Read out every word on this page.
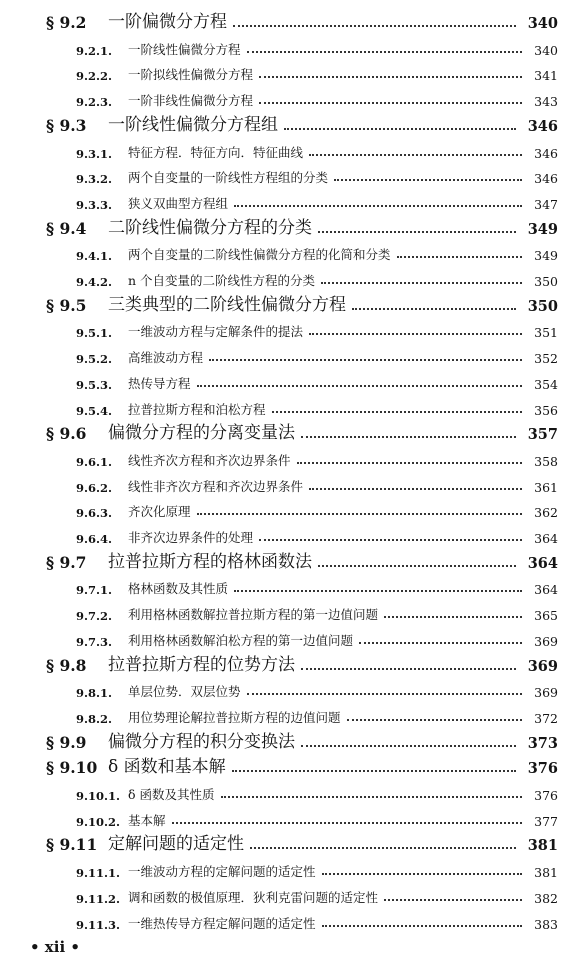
§ 9.2	一阶偏微分方程	340
9.2.1.	一阶线性偏微分方程	340
9.2.2.	一阶拟线性偏微分方程	341
9.2.3.	一阶非线性偏微分方程	343
§ 9.3	一阶线性偏微分方程组	346
9.3.1.	特征方程．特征方向．特征曲线	346
9.3.2.	两个自变量的一阶线性方程组的分类	346
9.3.3.	狭义双曲型方程组	347
§ 9.4	二阶线性偏微分方程的分类	349
9.4.1.	两个自变量的二阶线性偏微分方程的化简和分类	349
9.4.2.	n 个自变量的二阶线性方程的分类	350
§ 9.5	三类典型的二阶线性偏微分方程	350
9.5.1.	一维波动方程与定解条件的提法	351
9.5.2.	高维波动方程	352
9.5.3.	热传导方程	354
9.5.4.	拉普拉斯方程和泊松方程	356
§ 9.6	偏微分方程的分离变量法	357
9.6.1.	线性齐次方程和齐次边界条件	358
9.6.2.	线性非齐次方程和齐次边界条件	361
9.6.3.	齐次化原理	362
9.6.4.	非齐次边界条件的处理	364
§ 9.7	拉普拉斯方程的格林函数法	364
9.7.1.	格林函数及其性质	364
9.7.2.	利用格林函数解拉普拉斯方程的第一边值问题	365
9.7.3.	利用格林函数解泊松方程的第一边值问题	369
§ 9.8	拉普拉斯方程的位势方法	369
9.8.1.	单层位势．双层位势	369
9.8.2.	用位势理论解拉普拉斯方程的边值问题	372
§ 9.9	偏微分方程的积分变换法	373
§ 9.10 δ 函数和基本解	376
9.10.1. δ 函数及其性质	376
9.10.2. 基本解	377
§ 9.11 定解问题的适定性	381
9.11.1. 一维波动方程的定解问题的适定性	381
9.11.2. 调和函数的极值原理．狄利克雷问题的适定性	382
9.11.3. 一维热传导方程定解问题的适定性	383
• xii •
